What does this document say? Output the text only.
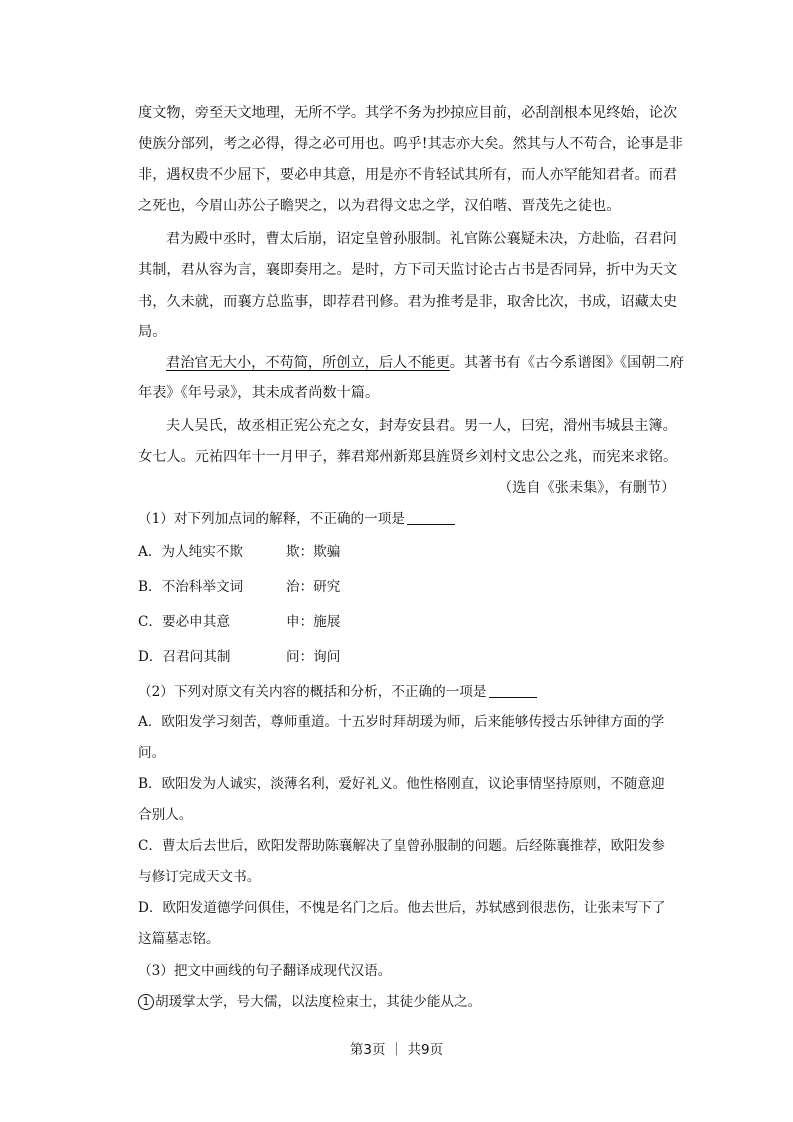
度文物，旁至天文地理，无所不学。其学不务为抄掠应目前，必刮剖根本见终始，论次
使族分部列，考之必得，得之必可用也。呜乎!其志亦大矣。然其与人不苟合，论事是非
非，遇权贵不少屈下，要必申其意，用是亦不肯轻试其所有，而人亦罕能知君者。而君
之死也，今眉山苏公子瞻哭之，以为君得文忠之学，汉伯喈、晋茂先之徒也。
君为殿中丞时，曹太后崩，诏定皇曾孙服制。礼官陈公襄疑未决，方赴临，召君问
其制，君从容为言，襄即奏用之。是时，方下司天监讨论古占书是否同异，折中为天文
书，久未就，而襄方总监事，即荐君刊修。君为推考是非，取舍比次，书成，诏藏太史
局。
君治官无大小，不苟简，所创立，后人不能更。其著书有《古今系谱图》《国朝二府
年表》《年号录》，其未成者尚数十篇。
夫人吴氏，故丞相正宪公充之女，封寿安县君。男一人，曰宪，滑州韦城县主簿。
女七人。元祐四年十一月甲子，葬君郑州新郑县旌贤乡刘村文忠公之兆，而宪来求铭。
（选自《张耒集》，有删节）
（1）对下列加点词的解释，不正确的一项是
A．为人纯实不欺	欺：欺骗
B．不治科举文词	治：研究
C．要必申其意	申：施展
D．召君问其制	问：询问
（2）下列对原文有关内容的概括和分析，不正确的一项是
A．欧阳发学习刻苦，尊师重道。十五岁时拜胡瑗为师，后来能够传授古乐钟律方面的学
问。
B．欧阳发为人诚实，淡薄名利，爱好礼义。他性格刚直，议论事情坚持原则，不随意迎
合别人。
C．曹太后去世后，欧阳发帮助陈襄解决了皇曾孙服制的问题。后经陈襄推荐，欧阳发参
与修订完成天文书。
D．欧阳发道德学问俱佳，不愧是名门之后。他去世后，苏轼感到很悲伤，让张耒写下了
这篇墓志铭。
（3）把文中画线的句子翻译成现代汉语。
1 胡瑗掌太学，号大儒，以法度检束士，其徒少能从之。
第3页 ｜ 共9页
